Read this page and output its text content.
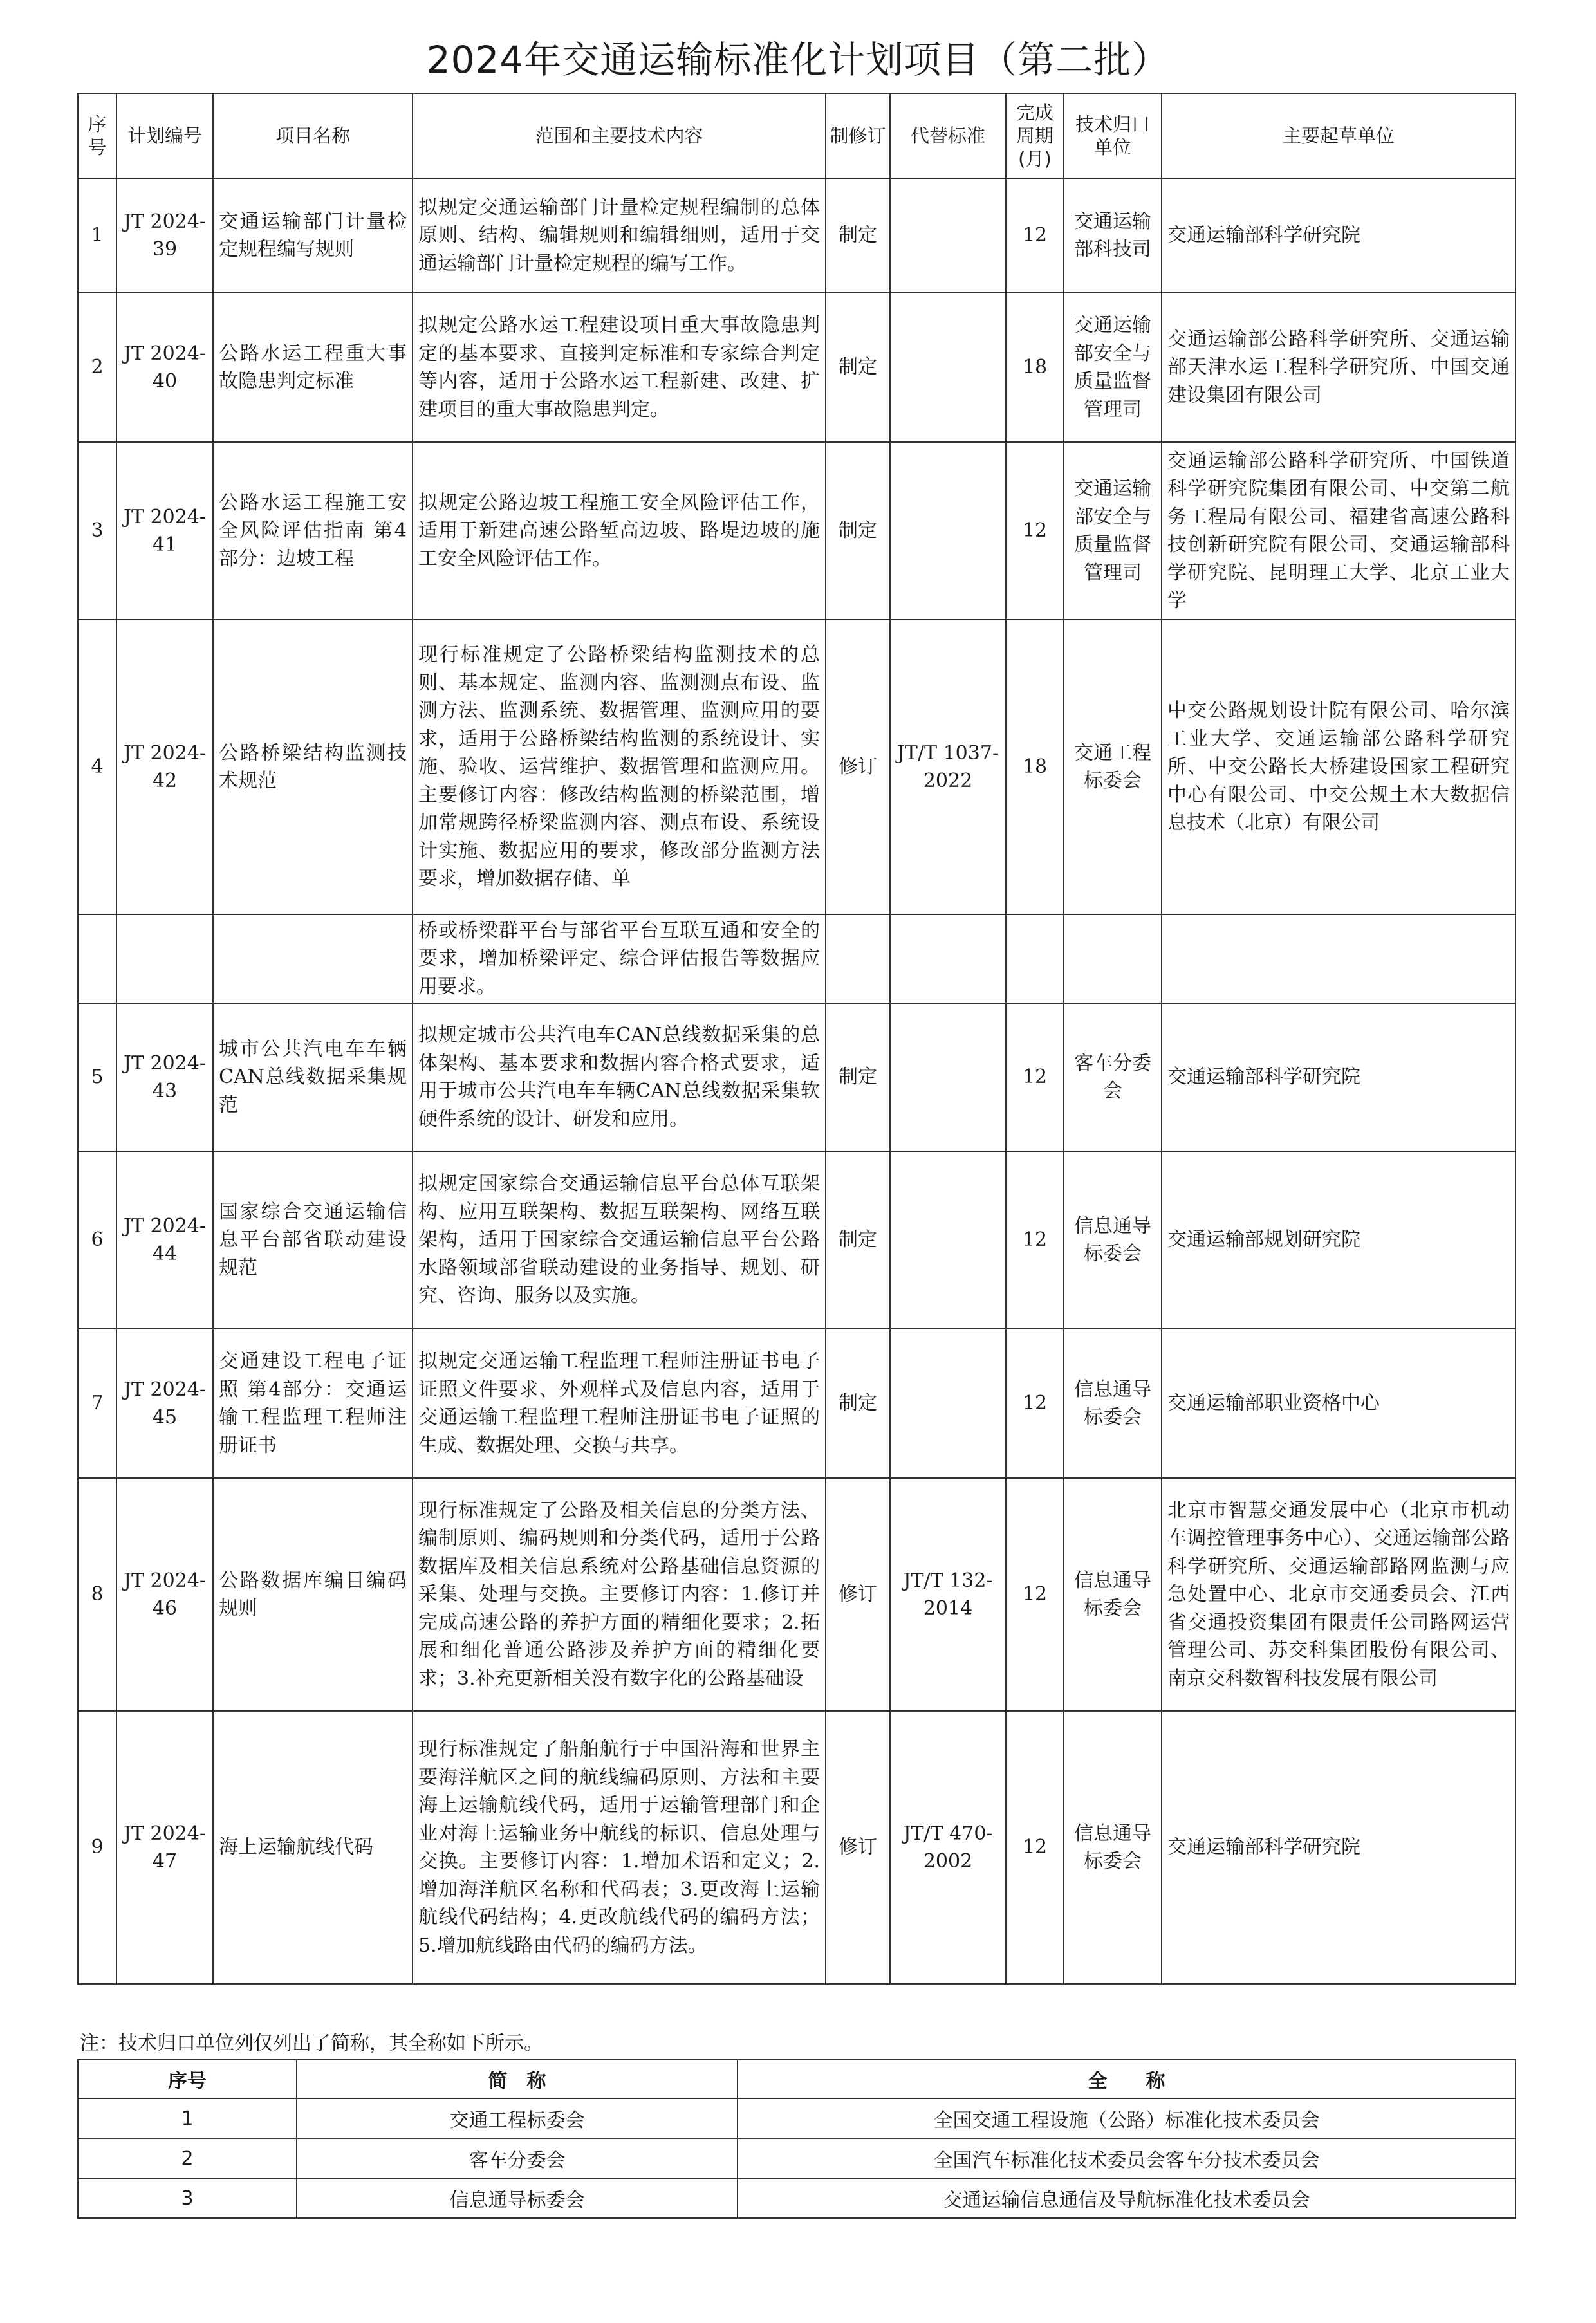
2024年交通运输标准化计划项目（第二批）
序号	计划编号	项目名称	范围和主要技术内容	制修订	代替标准	完成周期(月)	技术归口单位	主要起草单位
1	JT 2024-39	交通运输部门计量检定规程编写规则	拟规定交通运输部门计量检定规程编制的总体原则、结构、编辑规则和编辑细则，适用于交通运输部门计量检定规程的编写工作。	制定		12	交通运输部科技司	交通运输部科学研究院
2	JT 2024-40	公路水运工程重大事故隐患判定标准	拟规定公路水运工程建设项目重大事故隐患判定的基本要求、直接判定标准和专家综合判定等内容，适用于公路水运工程新建、改建、扩建项目的重大事故隐患判定。	制定		18	交通运输部安全与质量监督管理司	交通运输部公路科学研究所、交通运输部天津水运工程科学研究所、中国交通建设集团有限公司
3	JT 2024-41	公路水运工程施工安全风险评估指南 第4部分：边坡工程	拟规定公路边坡工程施工安全风险评估工作，适用于新建高速公路堑高边坡、路堤边坡的施工安全风险评估工作。	制定		12	交通运输部安全与质量监督管理司	交通运输部公路科学研究所、中国铁道科学研究院集团有限公司、中交第二航务工程局有限公司、福建省高速公路科技创新研究院有限公司、交通运输部科学研究院、昆明理工大学、北京工业大学
4	JT 2024-42	公路桥梁结构监测技术规范	现行标准规定了公路桥梁结构监测技术的总则、基本规定、监测内容、监测测点布设、监测方法、监测系统、数据管理、监测应用的要求，适用于公路桥梁结构监测的系统设计、实施、验收、运营维护、数据管理和监测应用。主要修订内容：修改结构监测的桥梁范围，增加常规跨径桥梁监测内容、测点布设、系统设计实施、数据应用的要求，修改部分监测方法要求，增加数据存储、单	修订	JT/T 1037-2022	18	交通工程标委会	中交公路规划设计院有限公司、哈尔滨工业大学、交通运输部公路科学研究所、中交公路长大桥建设国家工程研究中心有限公司、中交公规土木大数据信息技术（北京）有限公司
			桥或桥梁群平台与部省平台互联互通和安全的要求，增加桥梁评定、综合评估报告等数据应用要求。					
5	JT 2024-43	城市公共汽电车车辆CAN总线数据采集规范	拟规定城市公共汽电车CAN总线数据采集的总体架构、基本要求和数据内容合格式要求，适用于城市公共汽电车车辆CAN总线数据采集软硬件系统的设计、研发和应用。	制定		12	客车分委会	交通运输部科学研究院
6	JT 2024-44	国家综合交通运输信息平台部省联动建设规范	拟规定国家综合交通运输信息平台总体互联架构、应用互联架构、数据互联架构、网络互联架构，适用于国家综合交通运输信息平台公路水路领域部省联动建设的业务指导、规划、研究、咨询、服务以及实施。	制定		12	信息通导标委会	交通运输部规划研究院
7	JT 2024-45	交通建设工程电子证照 第4部分：交通运输工程监理工程师注册证书	拟规定交通运输工程监理工程师注册证书电子证照文件要求、外观样式及信息内容，适用于交通运输工程监理工程师注册证书电子证照的生成、数据处理、交换与共享。	制定		12	信息通导标委会	交通运输部职业资格中心
8	JT 2024-46	公路数据库编目编码规则	现行标准规定了公路及相关信息的分类方法、编制原则、编码规则和分类代码，适用于公路数据库及相关信息系统对公路基础信息资源的采集、处理与交换。主要修订内容：1.修订并完成高速公路的养护方面的精细化要求；2.拓展和细化普通公路涉及养护方面的精细化要求；3.补充更新相关没有数字化的公路基础设	修订	JT/T 132-2014	12	信息通导标委会	北京市智慧交通发展中心（北京市机动车调控管理事务中心）、交通运输部公路科学研究所、交通运输部路网监测与应急处置中心、北京市交通委员会、江西省交通投资集团有限责任公司路网运营管理公司、苏交科集团股份有限公司、南京交科数智科技发展有限公司
9	JT 2024-47	海上运输航线代码	现行标准规定了船舶航行于中国沿海和世界主要海洋航区之间的航线编码原则、方法和主要海上运输航线代码，适用于运输管理部门和企业对海上运输业务中航线的标识、信息处理与交换。主要修订内容：1.增加术语和定义；2.增加海洋航区名称和代码表；3.更改海上运输航线代码结构；4.更改航线代码的编码方法；5.增加航线路由代码的编码方法。	修订	JT/T 470-2002	12	信息通导标委会	交通运输部科学研究院
注：技术归口单位列仅列出了简称，其全称如下所示。
序号	简　称	全　　称
1	交通工程标委会	全国交通工程设施（公路）标准化技术委员会
2	客车分委会	全国汽车标准化技术委员会客车分技术委员会
3	信息通导标委会	交通运输信息通信及导航标准化技术委员会
